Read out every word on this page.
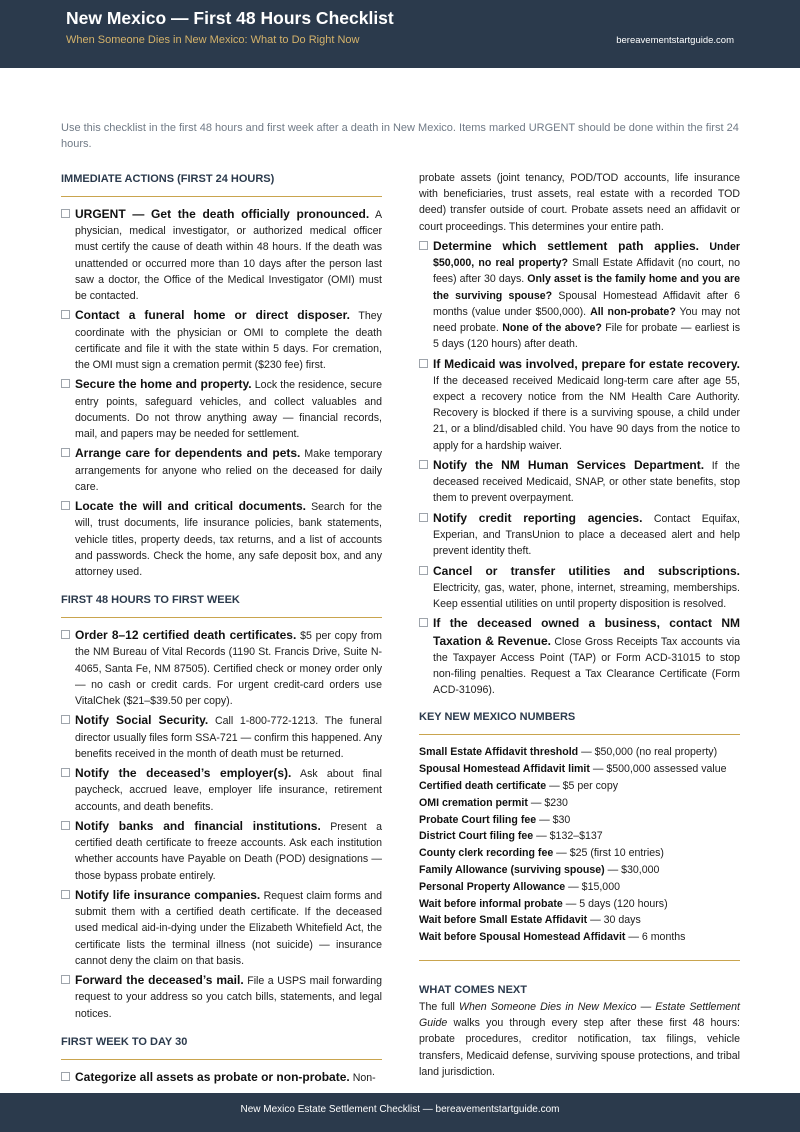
New Mexico — First 48 Hours Checklist
When Someone Dies in New Mexico: What to Do Right Now	bereavementstartguide.com
Use this checklist in the first 48 hours and first week after a death in New Mexico. Items marked URGENT should be done within the first 24 hours.
IMMEDIATE ACTIONS (FIRST 24 HOURS)
URGENT — Get the death officially pronounced. A physician, medical investigator, or authorized medical officer must certify the cause of death within 48 hours. If the death was unattended or occurred more than 10 days after the person last saw a doctor, the Office of the Medical Investigator (OMI) must be contacted.
Contact a funeral home or direct disposer. They coordinate with the physician or OMI to complete the death certificate and file it with the state within 5 days. For cremation, the OMI must sign a cremation permit ($230 fee) first.
Secure the home and property. Lock the residence, secure entry points, safeguard vehicles, and collect valuables and documents. Do not throw anything away — financial records, mail, and papers may be needed for settlement.
Arrange care for dependents and pets. Make temporary arrangements for anyone who relied on the deceased for daily care.
Locate the will and critical documents. Search for the will, trust documents, life insurance policies, bank statements, vehicle titles, property deeds, tax returns, and a list of accounts and passwords. Check the home, any safe deposit box, and any attorney used.
FIRST 48 HOURS TO FIRST WEEK
Order 8–12 certified death certificates. $5 per copy from the NM Bureau of Vital Records (1190 St. Francis Drive, Suite N-4065, Santa Fe, NM 87505). Certified check or money order only — no cash or credit cards. For urgent credit-card orders use VitalChek ($21–$39.50 per copy).
Notify Social Security. Call 1-800-772-1213. The funeral director usually files form SSA-721 — confirm this happened. Any benefits received in the month of death must be returned.
Notify the deceased’s employer(s). Ask about final paycheck, accrued leave, employer life insurance, retirement accounts, and death benefits.
Notify banks and financial institutions. Present a certified death certificate to freeze accounts. Ask each institution whether accounts have Payable on Death (POD) designations — those bypass probate entirely.
Notify life insurance companies. Request claim forms and submit them with a certified death certificate. If the deceased used medical aid-in-dying under the Elizabeth Whitefield Act, the certificate lists the terminal illness (not suicide) — insurance cannot deny the claim on that basis.
Forward the deceased’s mail. File a USPS mail forwarding request to your address so you catch bills, statements, and legal notices.
FIRST WEEK TO DAY 30
Categorize all assets as probate or non-probate. Non-
probate assets (joint tenancy, POD/TOD accounts, life insurance with beneficiaries, trust assets, real estate with a recorded TOD deed) transfer outside of court. Probate assets need an affidavit or court proceedings. This determines your entire path.
Determine which settlement path applies. Under $50,000, no real property? Small Estate Affidavit (no court, no fees) after 30 days. Only asset is the family home and you are the surviving spouse? Spousal Homestead Affidavit after 6 months (value under $500,000). All non-probate? You may not need probate. None of the above? File for probate — earliest is 5 days (120 hours) after death.
If Medicaid was involved, prepare for estate recovery. If the deceased received Medicaid long-term care after age 55, expect a recovery notice from the NM Health Care Authority. Recovery is blocked if there is a surviving spouse, a child under 21, or a blind/disabled child. You have 90 days from the notice to apply for a hardship waiver.
Notify the NM Human Services Department. If the deceased received Medicaid, SNAP, or other state benefits, stop them to prevent overpayment.
Notify credit reporting agencies. Contact Equifax, Experian, and TransUnion to place a deceased alert and help prevent identity theft.
Cancel or transfer utilities and subscriptions. Electricity, gas, water, phone, internet, streaming, memberships. Keep essential utilities on until property disposition is resolved.
If the deceased owned a business, contact NM Taxation & Revenue. Close Gross Receipts Tax accounts via the Taxpayer Access Point (TAP) or Form ACD-31015 to stop non-filing penalties. Request a Tax Clearance Certificate (Form ACD-31096).
KEY NEW MEXICO NUMBERS
Small Estate Affidavit threshold — $50,000 (no real property)
Spousal Homestead Affidavit limit — $500,000 assessed value
Certified death certificate — $5 per copy
OMI cremation permit — $230
Probate Court filing fee — $30
District Court filing fee — $132–$137
County clerk recording fee — $25 (first 10 entries)
Family Allowance (surviving spouse) — $30,000
Personal Property Allowance — $15,000
Wait before informal probate — 5 days (120 hours)
Wait before Small Estate Affidavit — 30 days
Wait before Spousal Homestead Affidavit — 6 months
WHAT COMES NEXT
The full When Someone Dies in New Mexico — Estate Settlement Guide walks you through every step after these first 48 hours: probate procedures, creditor notification, tax filings, vehicle transfers, Medicaid defense, surviving spouse protections, and tribal land jurisdiction.
New Mexico Estate Settlement Checklist — bereavementstartguide.com
